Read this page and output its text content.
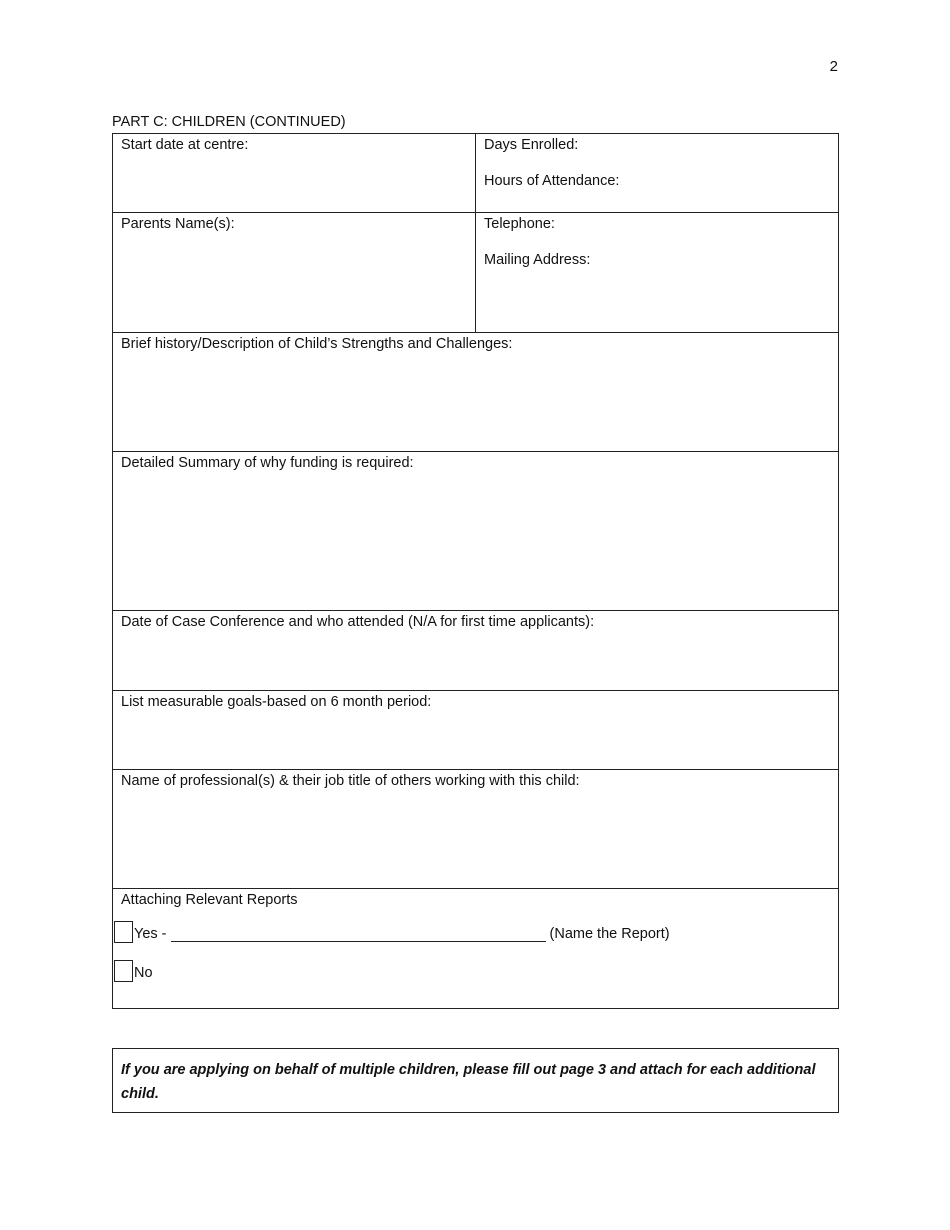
2
PART C: CHILDREN (CONTINUED)
Start date at centre:	Days Enrolled:
Hours of Attendance:

Parents Name(s):	Telephone:
Mailing Address:

Brief history/Description of Child’s Strengths and Challenges:	
Detailed Summary of why funding is required:	
Date of Case Conference and who attended (N/A for first time applicants):	
List measurable goals-based on 6 month period:	
Name of professional(s) & their job title of others working with this child:	

Attaching Relevant Reports
Yes - (Name the Report)
No	
If you are applying on behalf of multiple children, please fill out page 3 and attach for each additional child.
